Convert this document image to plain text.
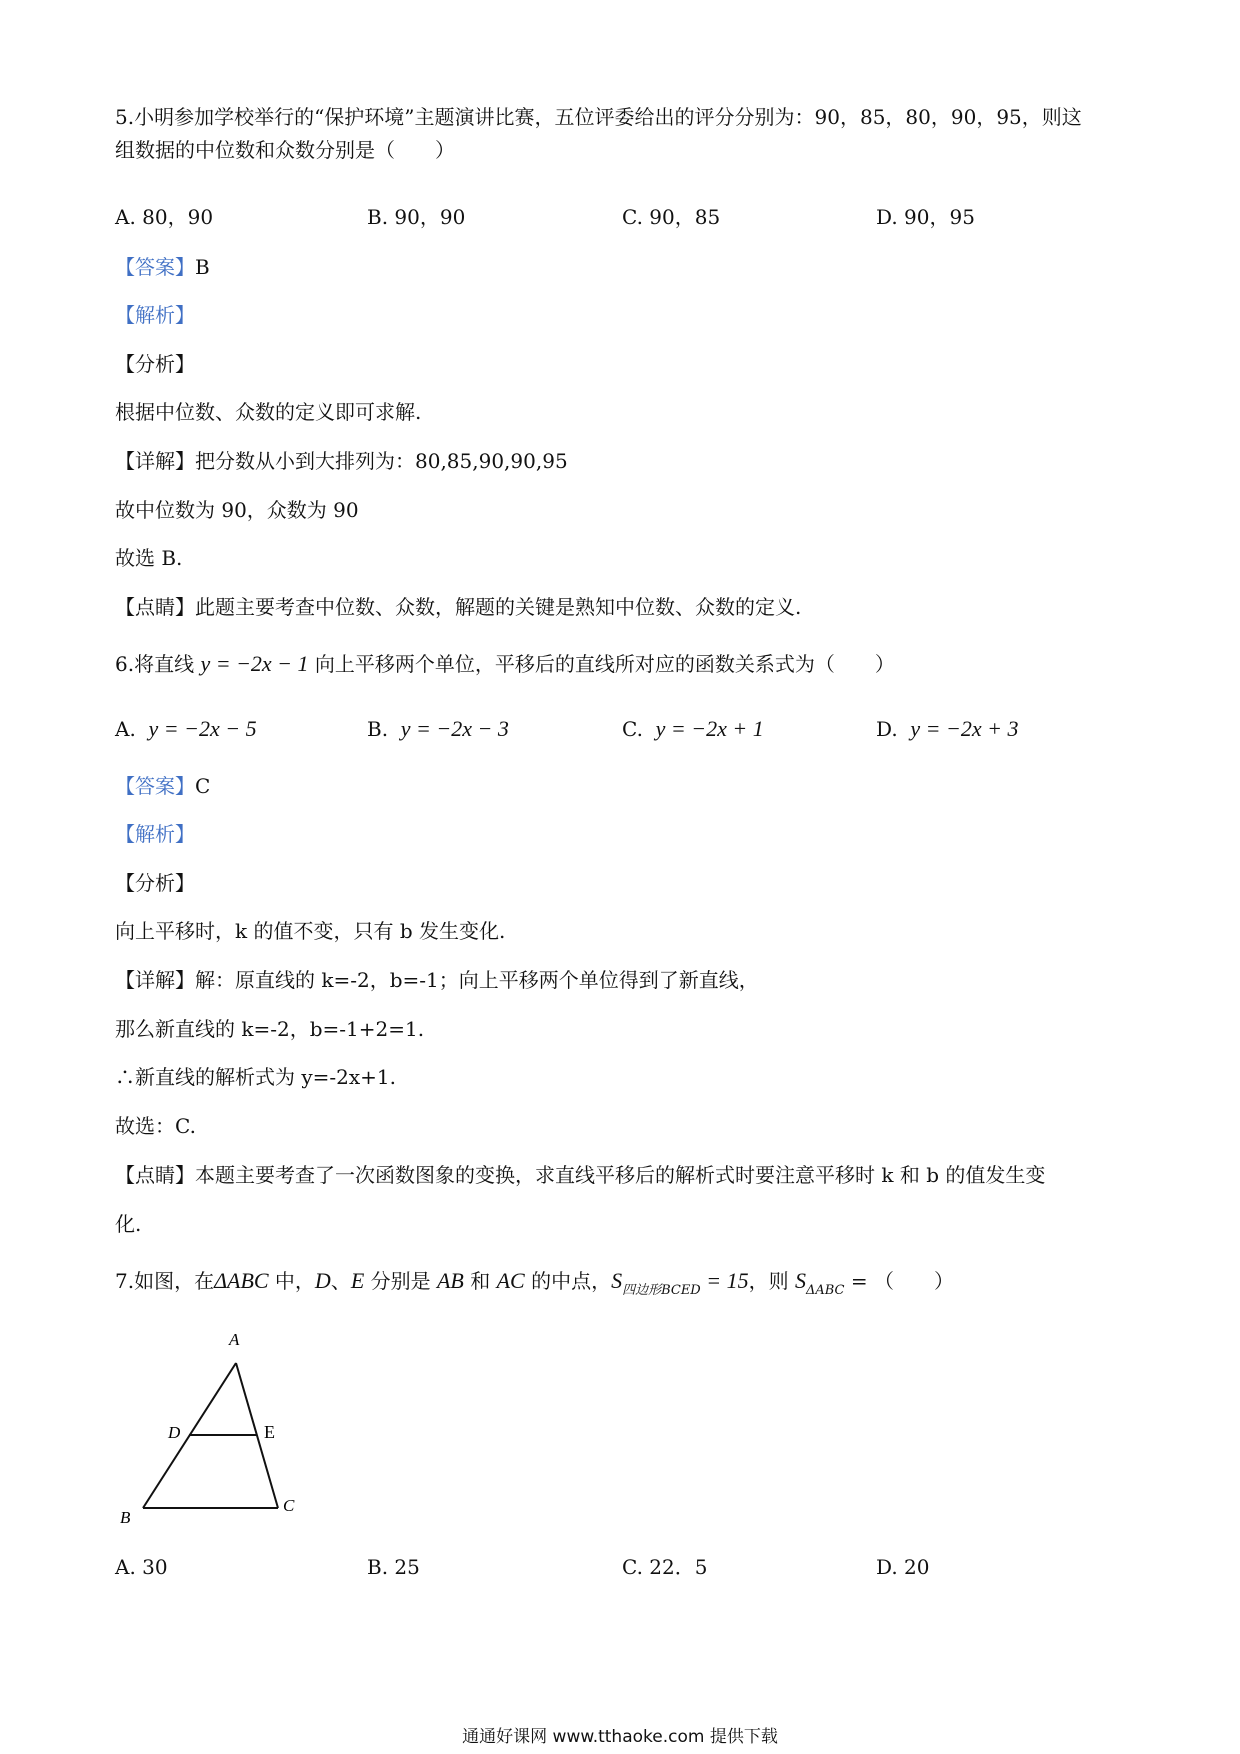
5.小明参加学校举行的“保护环境”主题演讲比赛，五位评委给出的评分分别为：90，85，80，90，95，则这
组数据的中位数和众数分别是（　　）
A. 80，90	B. 90，90	C. 90，85	D. 90，95
【答案】B
【解析】
【分析】
根据中位数、众数的定义即可求解.
【详解】把分数从小到大排列为：80,85,90,90,95
故中位数为 90，众数为 90
故选 B.
【点睛】此题主要考查中位数、众数，解题的关键是熟知中位数、众数的定义.
6.将直线 y = −2x − 1 向上平移两个单位，平移后的直线所对应的函数关系式为（　　）
A. y = −2x − 5	B. y = −2x − 3	C. y = −2x + 1	D. y = −2x + 3
【答案】C
【解析】
【分析】
向上平移时，k 的值不变，只有 b 发生变化.
【详解】解：原直线的 k=-2，b=-1；向上平移两个单位得到了新直线，
那么新直线的 k=-2，b=-1+2=1.
∴新直线的解析式为 y=-2x+1.
故选：C.
【点睛】本题主要考查了一次函数图象的变换，求直线平移后的解析式时要注意平移时 k 和 b 的值发生变
化.
7.如图，在ΔABC 中，D、E 分别是 AB 和 AC 的中点，$S_{四边形BCED} = 15$，则 $S_{\Delta ABC}$ = （　　）
A
B
C
D	E
A. 30	B. 25	C. 22．5	D. 20
通通好课网 www.tthaoke.com 提供下载
